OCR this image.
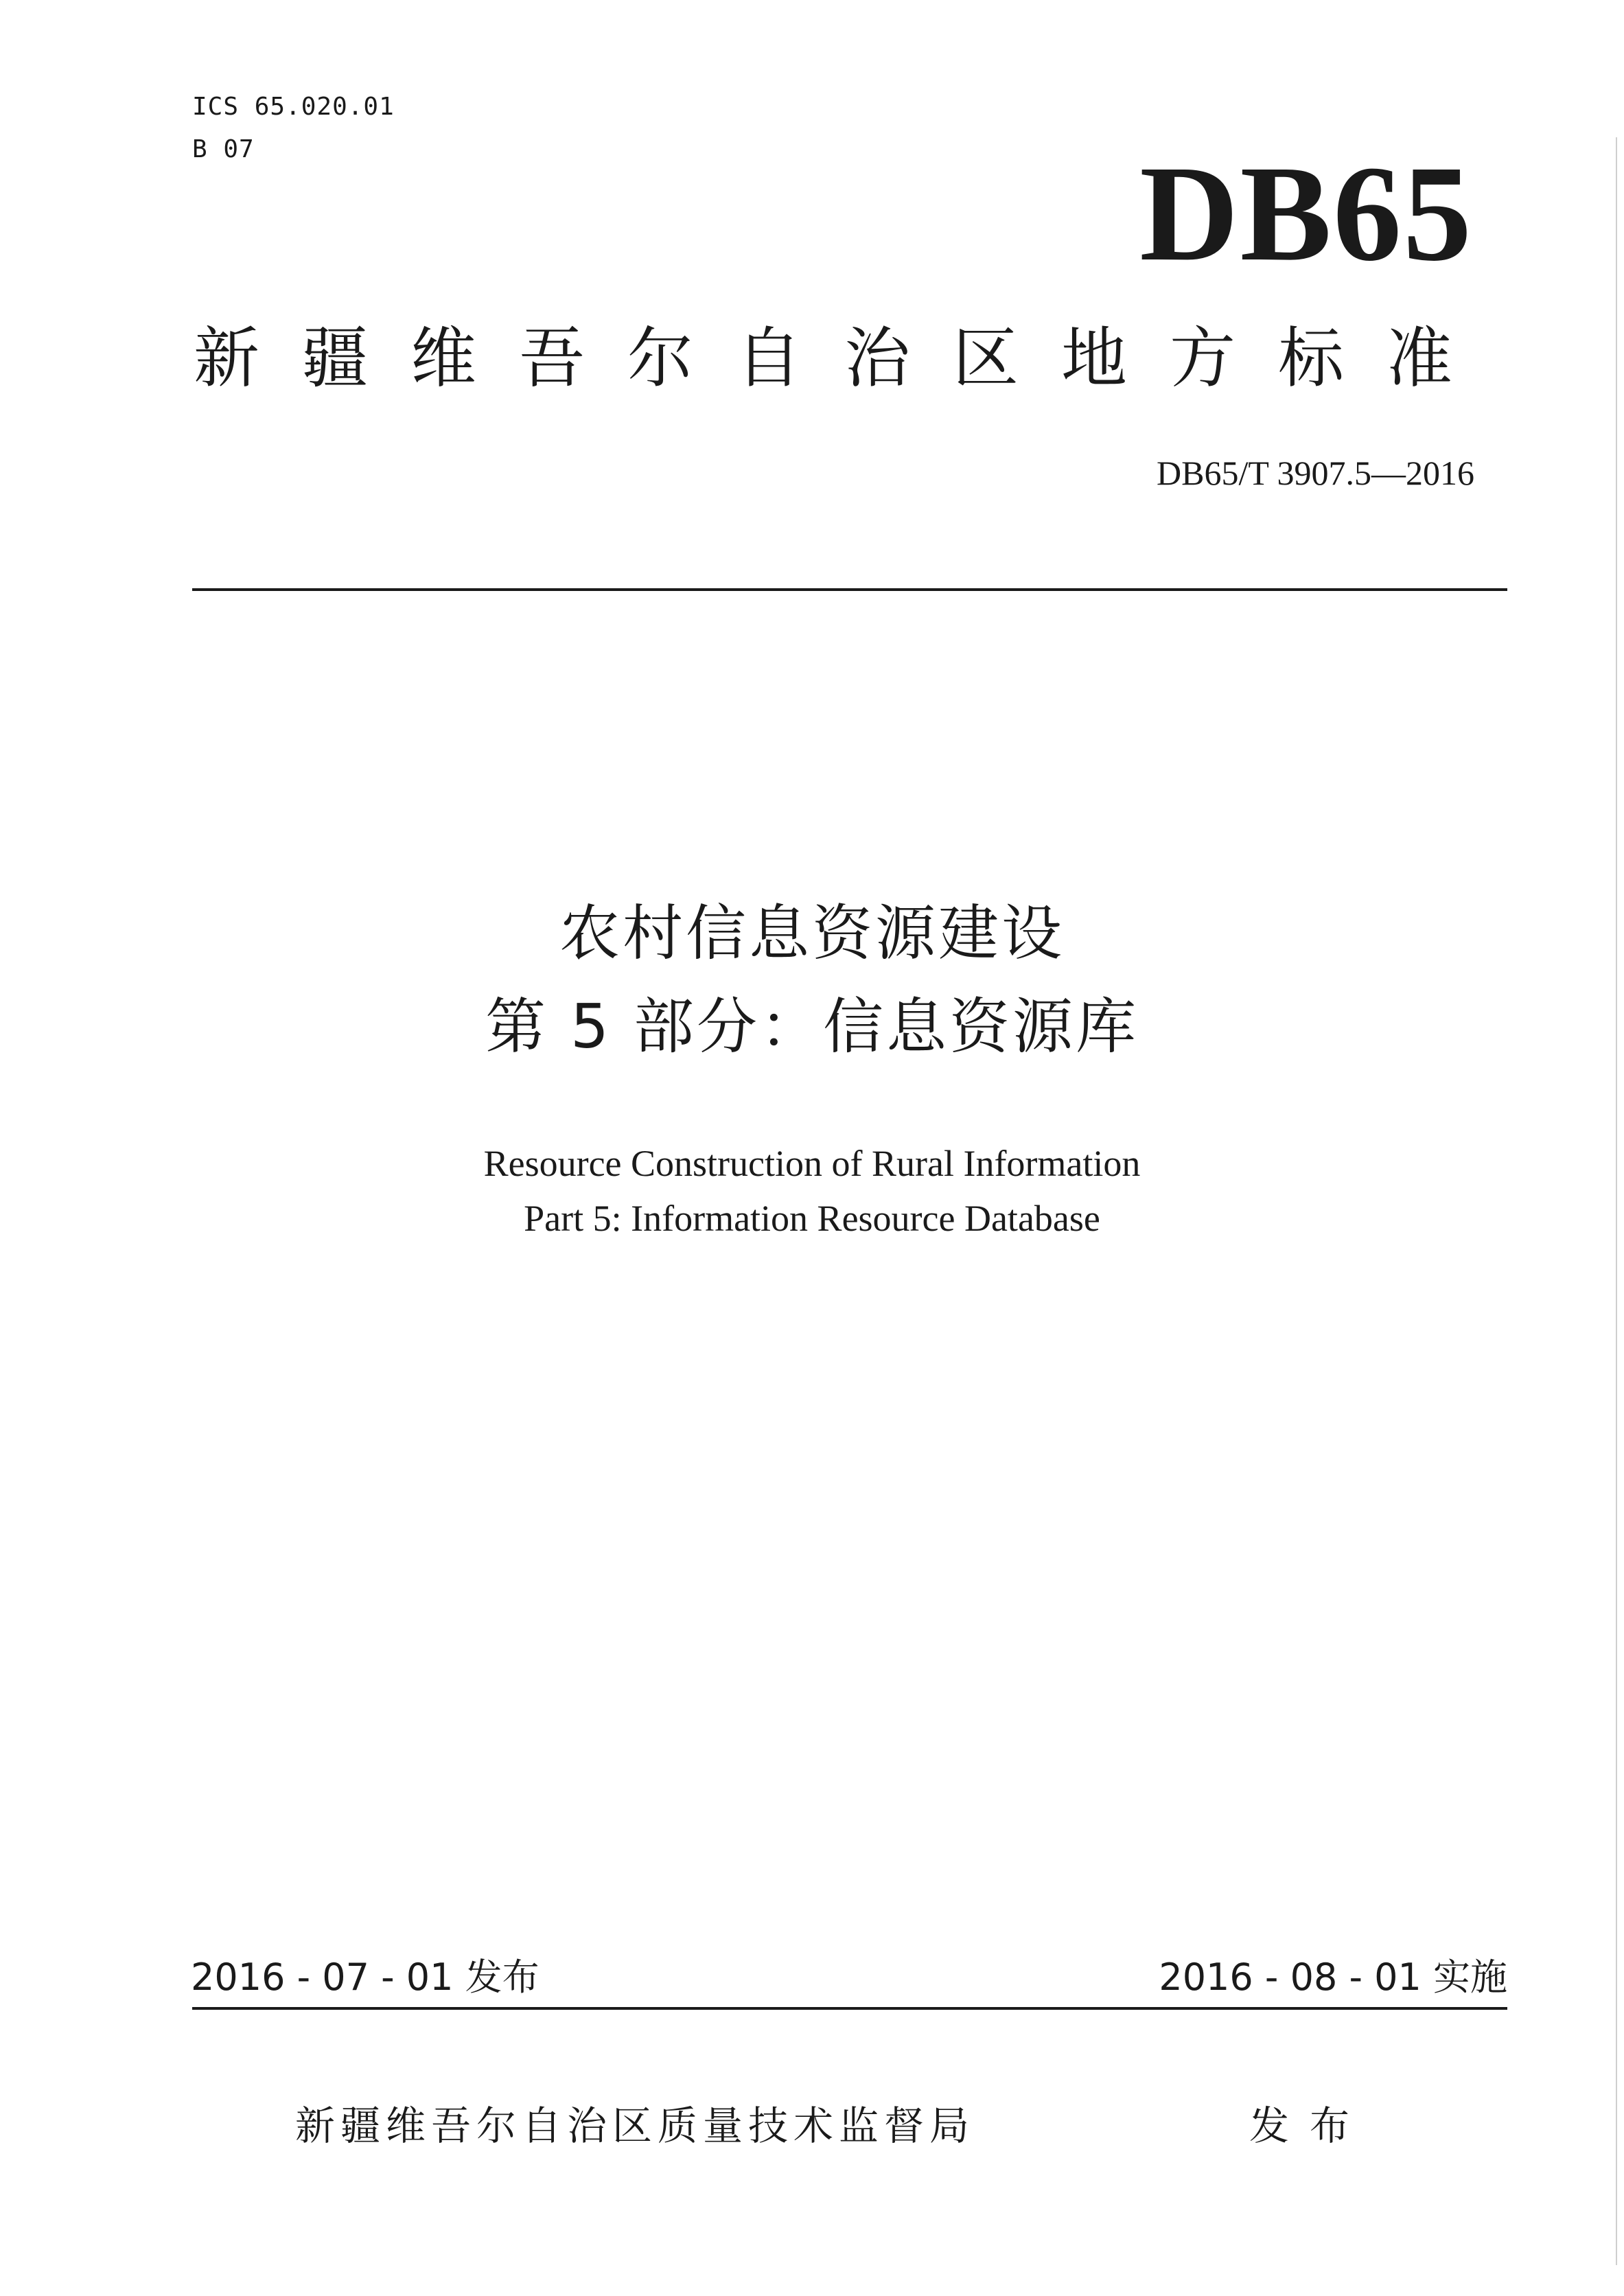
ICS 65.020.01
B 07	DB65
新疆维吾尔自治区地方标准
DB65/T 3907.5—2016
农村信息资源建设
第 5 部分：信息资源库
Resource Construction of Rural Information
Part 5: Information Resource Database
2016 - 07 - 01 发布	2016 - 08 - 01 实施
新疆维吾尔自治区质量技术监督局	发布
